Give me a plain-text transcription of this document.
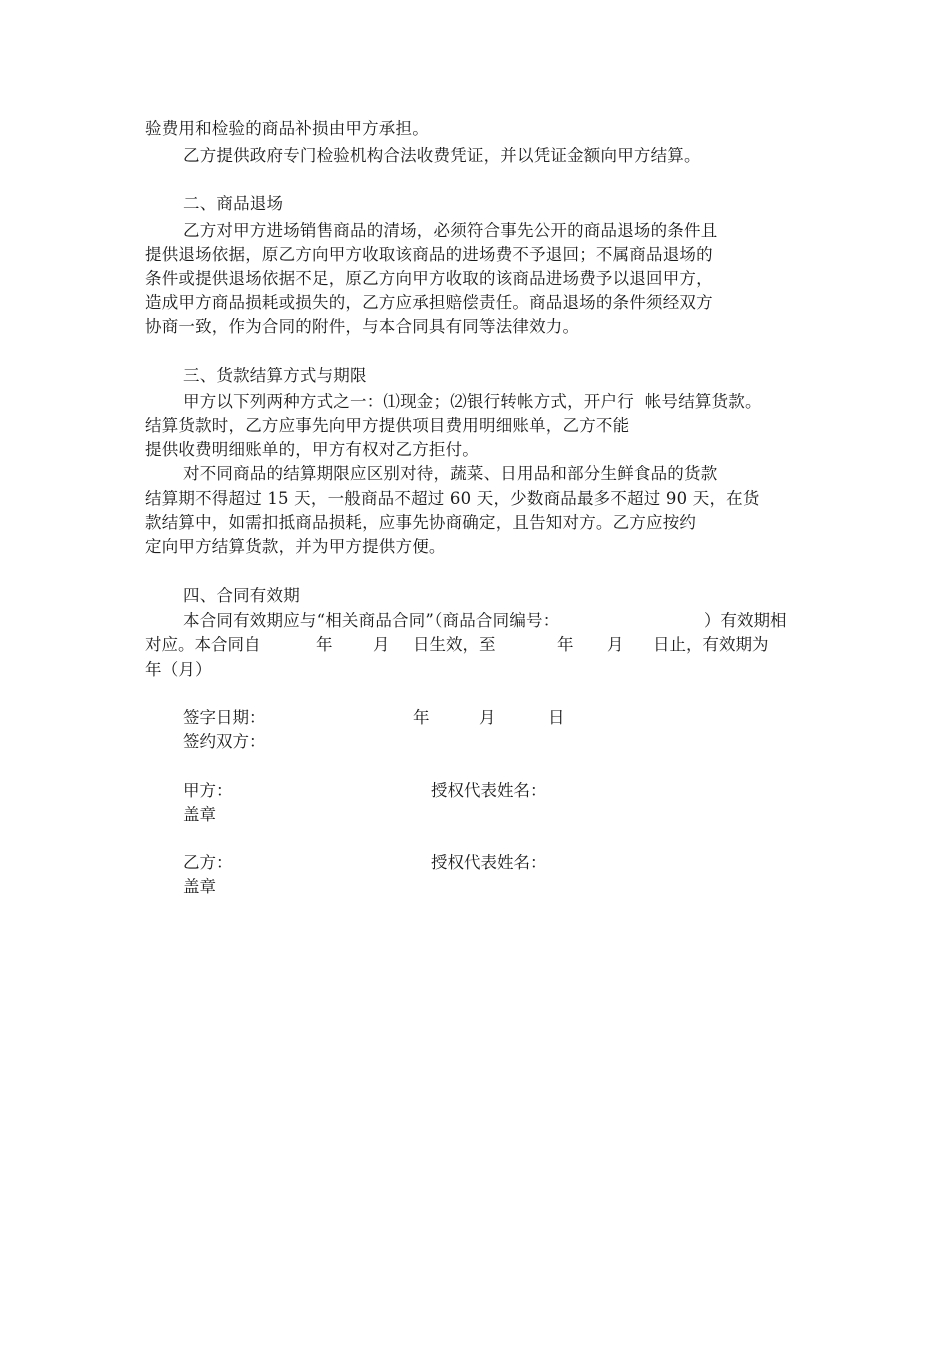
验费用和检验的商品补损由甲方承担。
乙方提供政府专门检验机构合法收费凭证，并以凭证金额向甲方结算。
二、商品退场
乙方对甲方进场销售商品的清场，必须符合事先公开的商品退场的条件且
提供退场依据，原乙方向甲方收取该商品的进场费不予退回；不属商品退场的
条件或提供退场依据不足，原乙方向甲方收取的该商品进场费予以退回甲方，
造成甲方商品损耗或损失的，乙方应承担赔偿责任。商品退场的条件须经双方
协商一致，作为合同的附件，与本合同具有同等法律效力。
三、货款结算方式与期限
甲方以下列两种方式之一：⑴现金；⑵银行转帐方式，开户行  帐号结算货款。
结算货款时，乙方应事先向甲方提供项目费用明细账单，乙方不能
提供收费明细账单的，甲方有权对乙方拒付。
对不同商品的结算期限应区别对待，蔬菜、日用品和部分生鲜食品的货款
结算期不得超过 15 天，一般商品不超过 60 天，少数商品最多不超过 90 天，在货
款结算中，如需扣抵商品损耗，应事先协商确定，且告知对方。乙方应按约
定向甲方结算货款，并为甲方提供方便。
四、合同有效期
本合同有效期应与“相关商品合同”（商品合同编号：	）有效期相
对应。本合同自	年 月 日生效，至	年 月 日止，有效期为
年（月）
签字日期：	年	月	日
签约双方：
甲方：	授权代表姓名：
盖章
乙方：	授权代表姓名：
盖章
